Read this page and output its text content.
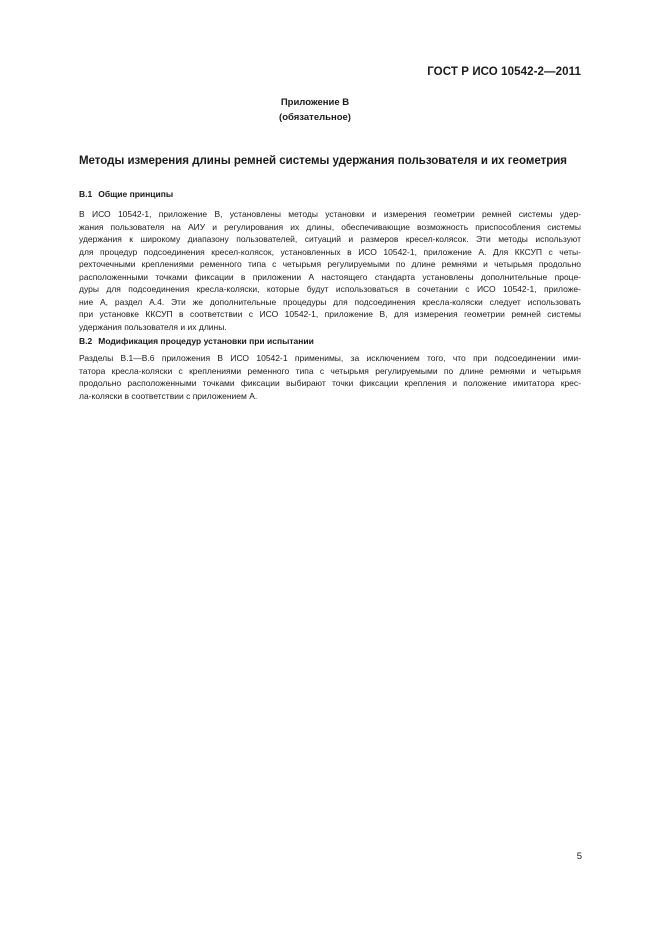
ГОСТ Р ИСО 10542-2—2011
Приложение В
(обязательное)
Методы измерения длины ремней системы удержания пользователя и их геометрия
В.1 Общие принципы
В ИСО 10542-1, приложение В, установлены методы установки и измерения геометрии ремней системы удер-
жания пользователя на АИУ и регулирования их длины, обеспечивающие возможность приспособления системы
удержания к широкому диапазону пользователей, ситуаций и размеров кресел-колясок. Эти методы используют
для процедур подсоединения кресел-колясок, установленных в ИСО 10542-1, приложение А. Для ККСУП с четы-
рехточечными креплениями ременного типа с четырьмя регулируемыми по длине ремнями и четырьмя продольно
расположенными точками фиксации в приложении А настоящего стандарта установлены дополнительные проце-
дуры для подсоединения кресла-коляски, которые будут использоваться в сочетании с ИСО 10542-1, приложе-
ние А, раздел А.4. Эти же дополнительные процедуры для подсоединения кресла-коляски следует использовать
при установке ККСУП в соответствии с ИСО 10542-1, приложение В, для измерения геометрии ремней системы
удержания пользователя и их длины.
В.2 Модификация процедур установки при испытании
Разделы В.1—В.6 приложения В ИСО 10542-1 применимы, за исключением того, что при подсоединении ими-
татора кресла-коляски с креплениями ременного типа с четырьмя регулируемыми по длине ремнями и четырьмя
продольно расположенными точками фиксации выбирают точки фиксации крепления и положение имитатора крес-
ла-коляски в соответствии с приложением А.
5
